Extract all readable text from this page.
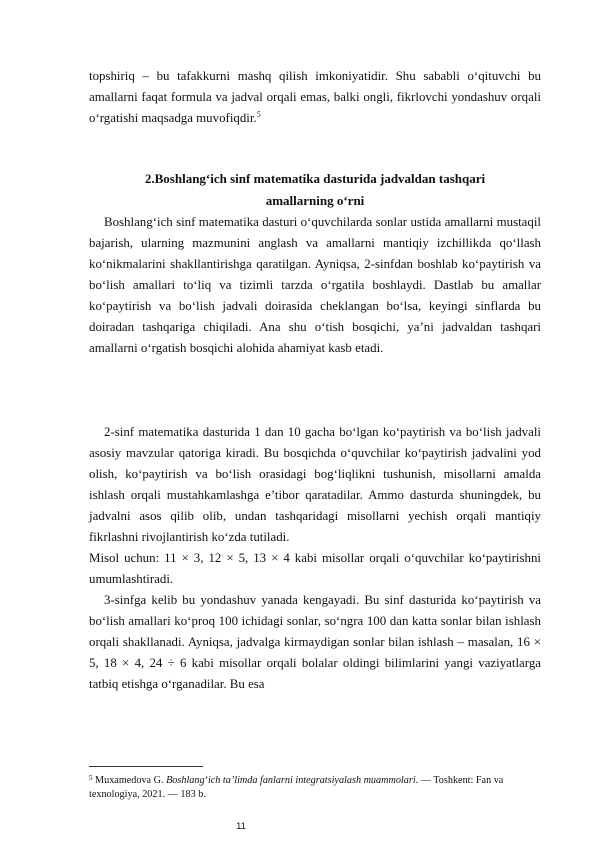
topshiriq – bu tafakkurni mashq qilish imkoniyatidir. Shu sababli o‘qituvchi bu amallarni faqat formula va jadval orqali emas, balki ongli, fikrlovchi yondashuv orqali o‘rgatishi maqsadga muvofiqdir.$^5$

2.Boshlang‘ich sinf matematika dasturida jadvaldan tashqari
amallarning o‘rni

Boshlang‘ich sinf matematika dasturi o‘quvchilarda sonlar ustida amallarni mustaqil bajarish, ularning mazmunini anglash va amallarni mantiqiy izchillikda qo‘llash ko‘nikmalarini shakllantirishga qaratilgan. Ayniqsa, 2-sinfdan boshlab ko‘paytirish va bo‘lish amallari to‘liq va tizimli tarzda o‘rgatila boshlaydi. Dastlab bu amallar ko‘paytirish va bo‘lish jadvali doirasida cheklangan bo‘lsa, keyingi sinflarda bu doiradan tashqariga chiqiladi. Ana shu o‘tish bosqichi, ya’ni jadvaldan tashqari amallarni o‘rgatish bosqichi alohida ahamiyat kasb etadi.

2-sinf matematika dasturida 1 dan 10 gacha bo‘lgan ko‘paytirish va bo‘lish jadvali asosiy mavzular qatoriga kiradi. Bu bosqichda o‘quvchilar ko‘paytirish jadvalini yod olish, ko‘paytirish va bo‘lish orasidagi bog‘liqlikni tushunish, misollarni amalda ishlash orqali mustahkamlashga e’tibor qaratadilar. Ammo dasturda shuningdek, bu jadvalni asos qilib olib, undan tashqaridagi misollarni yechish orqali mantiqiy fikrlashni rivojlantirish ko‘zda tutiladi.

Misol uchun: 11 × 3, 12 × 5, 13 × 4 kabi misollar orqali o‘quvchilar ko‘paytirishni umumlashtiradi.

3-sinfga kelib bu yondashuv yanada kengayadi. Bu sinf dasturida ko‘paytirish va bo‘lish amallari ko‘proq 100 ichidagi sonlar, so‘ngra 100 dan katta sonlar bilan ishlash orqali shakllanadi. Ayniqsa, jadvalga kirmaydigan sonlar bilan ishlash – masalan, 16 × 5, 18 × 4, 24 ÷ 6 kabi misollar orqali bolalar oldingi bilimlarini yangi vaziyatlarga tatbiq etishga o‘rganadilar. Bu esa

$^5$ Muxamedova G. Boshlang‘ich ta’limda fanlarni integratsiyalash muammolari. — Toshkent: Fan va texnologiya, 2021. — 183 b.

11
